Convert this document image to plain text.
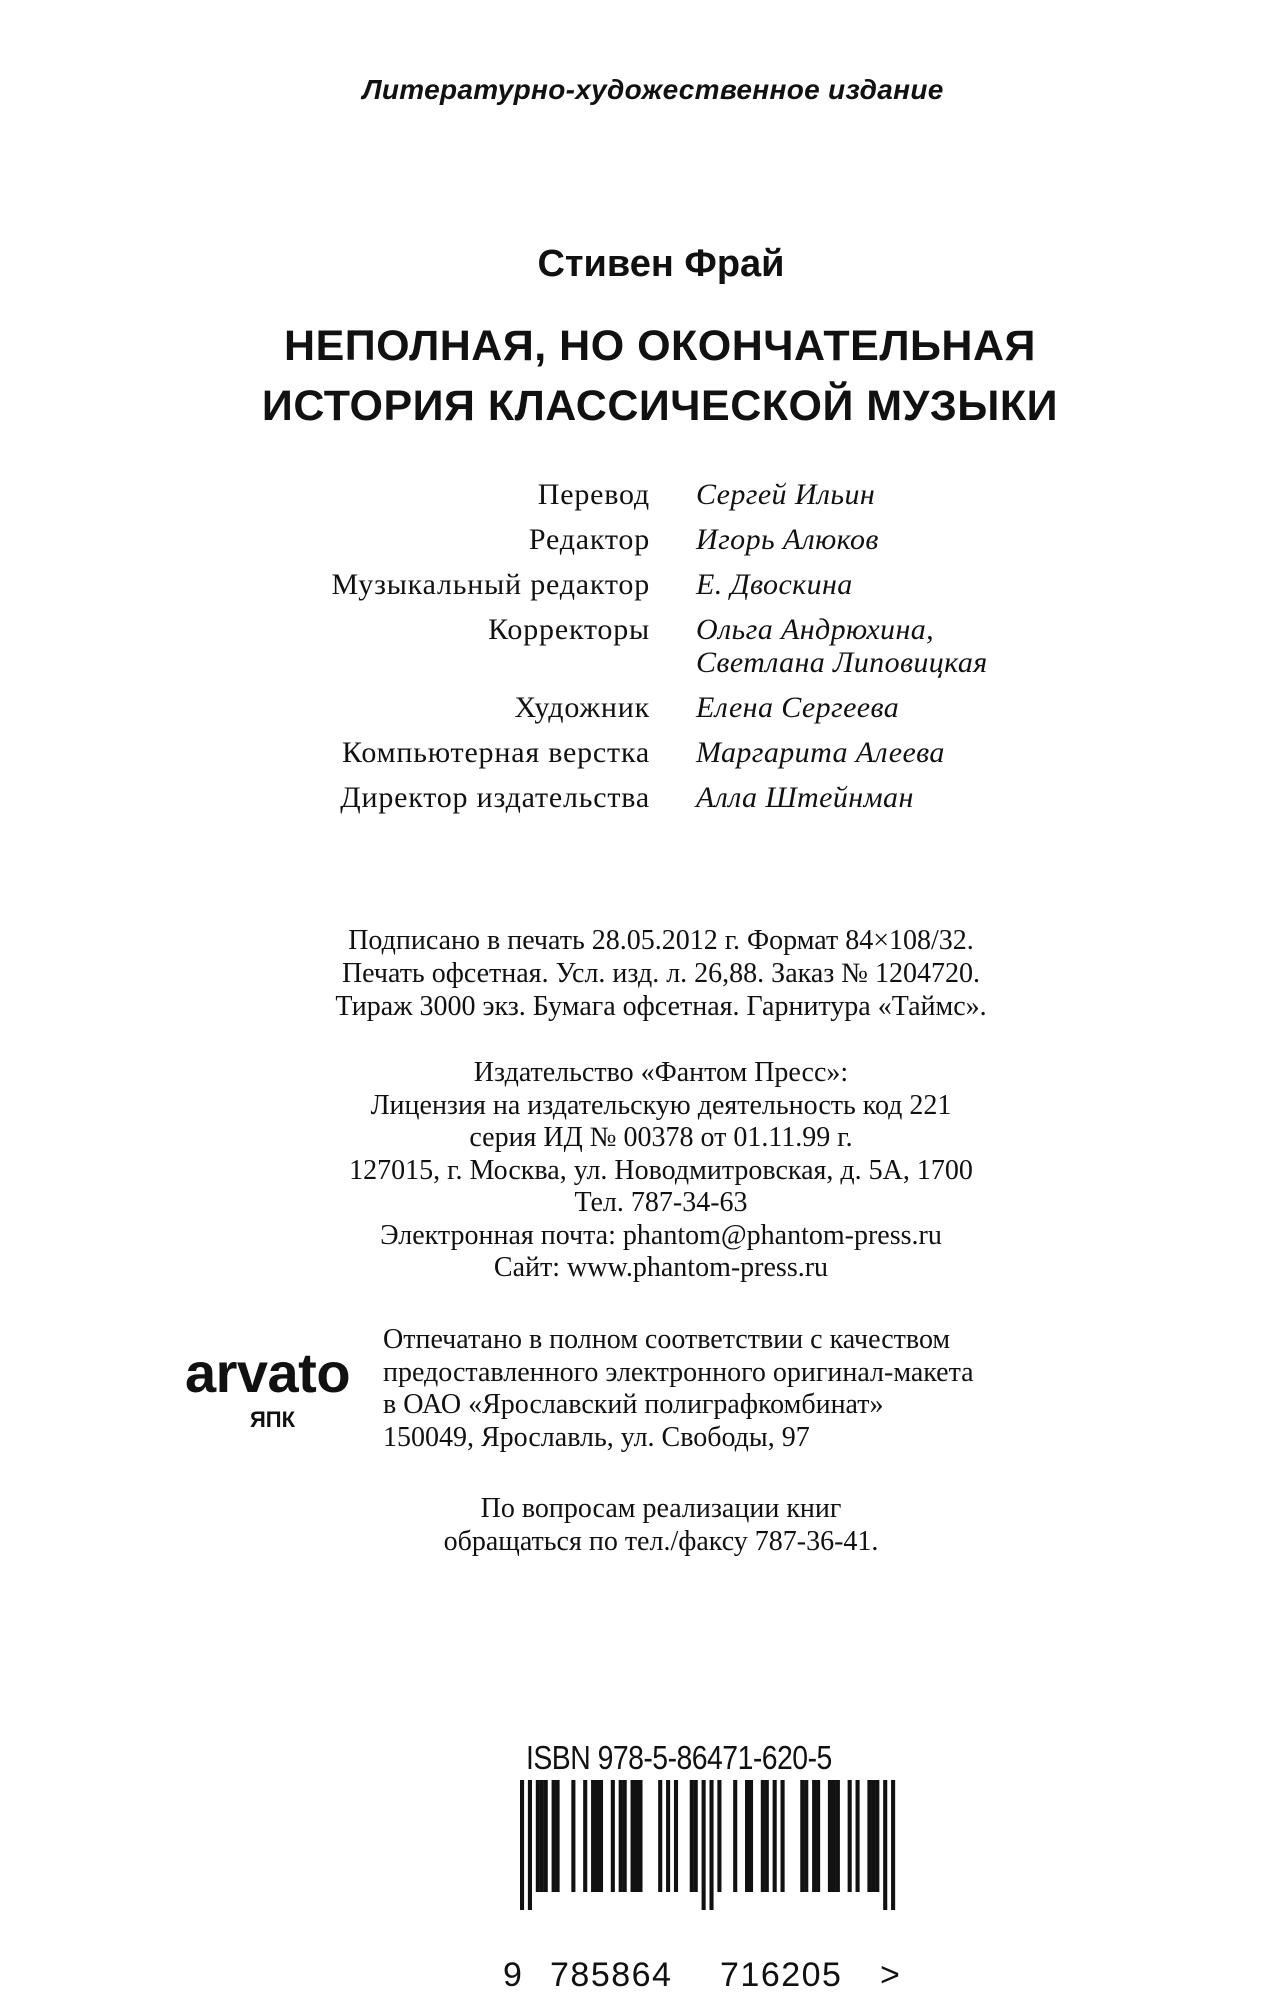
Литературно-художественное издание
Стивен Фрай
НЕПОЛНАЯ, НО ОКОНЧАТЕЛЬНАЯ
ИСТОРИЯ КЛАССИЧЕСКОЙ МУЗЫКИ
Перевод Сергей Ильин
Редактор Игорь Алюков
Музыкальный редактор Е. Двоскина
Корректоры Ольга Андрюхина,
Светлана Липовицкая
Художник Елена Сергеева
Компьютерная верстка Маргарита Алеева
Директор издательства Алла Штейнман
Подписано в печать 28.05.2012 г. Формат 84×108/32.
Печать офсетная. Усл. изд. л. 26,88. Заказ № 1204720.
Тираж 3000 экз. Бумага офсетная. Гарнитура «Таймс».
Издательство «Фантом Пресс»:
Лицензия на издательскую деятельность код 221
серия ИД № 00378 от 01.11.99 г.
127015, г. Москва, ул. Новодмитровская, д. 5А, 1700
Тел. 787-34-63
Электронная почта: phantom@phantom-press.ru
Сайт: www.phantom-press.ru
arvato
ЯПК
Отпечатано в полном соответствии с качеством
предоставленного электронного оригинал-макета
в ОАО «Ярославский полиграфкомбинат»
150049, Ярославль, ул. Свободы, 97
По вопросам реализации книг
обращаться по тел./факсу 787-36-41.
ISBN 978-5-86471-620-5
9 785864 716205 >
